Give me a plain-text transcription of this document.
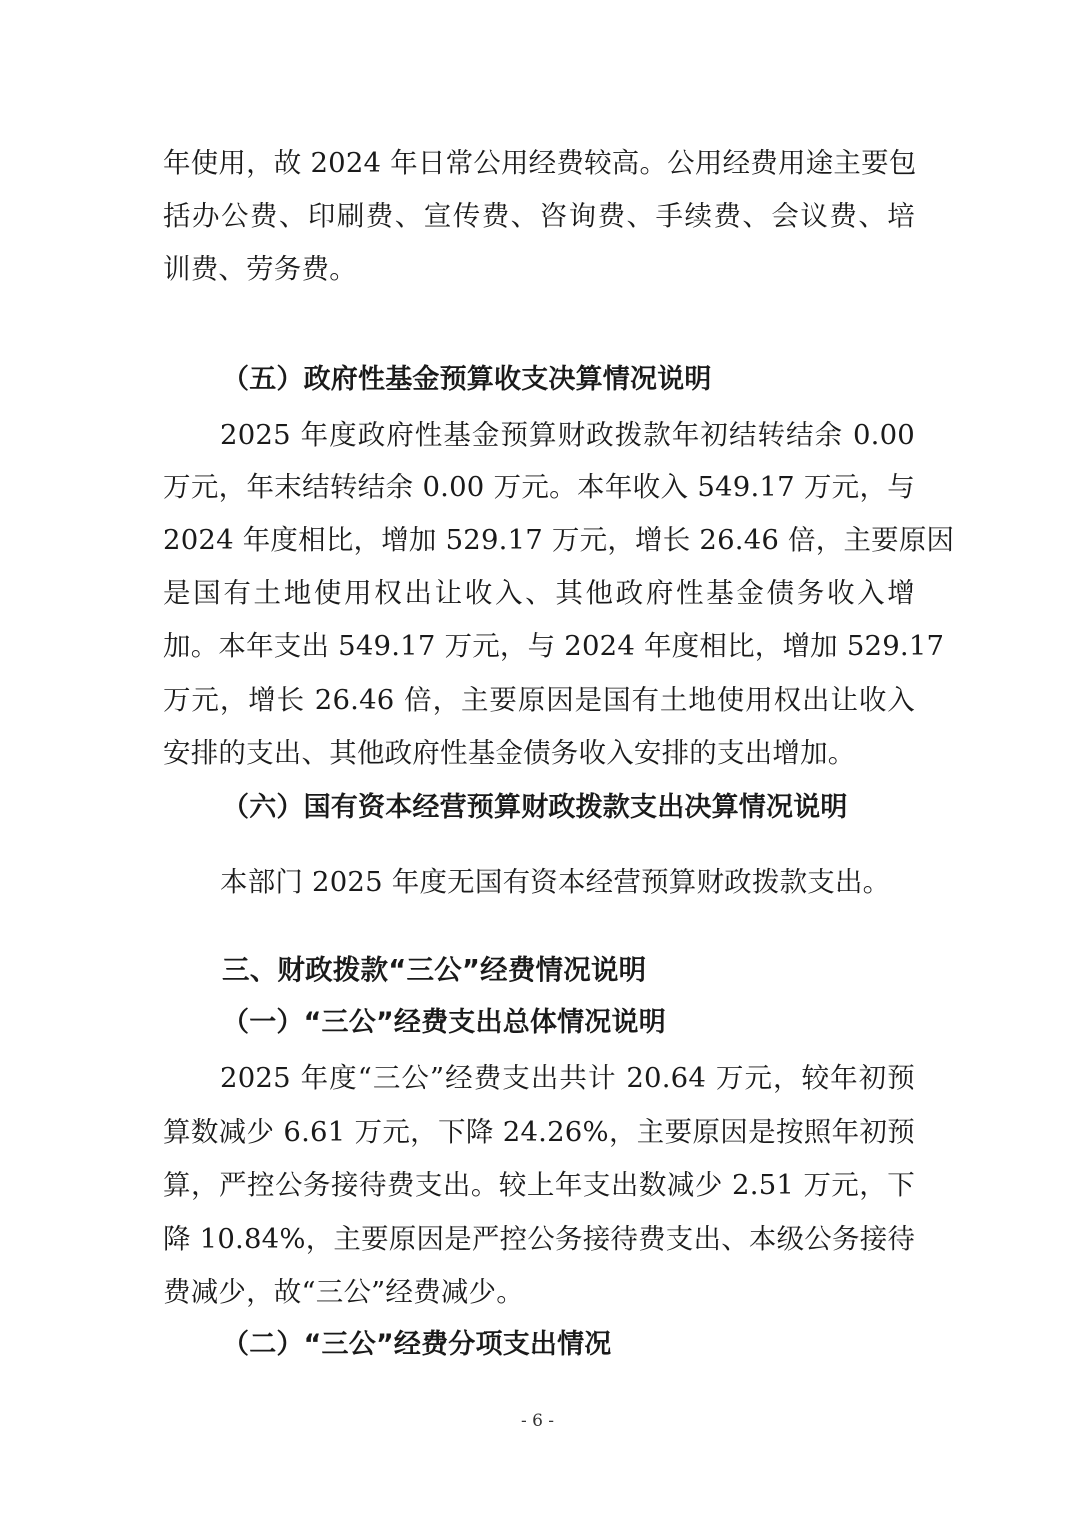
年使用，故 2024 年日常公用经费较高。公用经费用途主要包
括办公费、印刷费、宣传费、咨询费、手续费、会议费、培
训费、劳务费。
（五）政府性基金预算收支决算情况说明
2025 年度政府性基金预算财政拨款年初结转结余 0.00
万元，年末结转结余 0.00 万元。本年收入 549.17 万元，与
2024 年度相比，增加 529.17 万元，增长 26.46 倍，主要原因
是国有土地使用权出让收入、其他政府性基金债务收入增
加。本年支出 549.17 万元，与 2024 年度相比，增加 529.17
万元，增长 26.46 倍，主要原因是国有土地使用权出让收入
安排的支出、其他政府性基金债务收入安排的支出增加。
（六）国有资本经营预算财政拨款支出决算情况说明
本部门 2025 年度无国有资本经营预算财政拨款支出。
三、财政拨款“三公”经费情况说明
（一）“三公”经费支出总体情况说明
2025 年度“三公”经费支出共计 20.64 万元，较年初预
算数减少 6.61 万元，下降 24.26%，主要原因是按照年初预
算，严控公务接待费支出。较上年支出数减少 2.51 万元，下
降 10.84%，主要原因是严控公务接待费支出、本级公务接待
费减少，故“三公”经费减少。
（二）“三公”经费分项支出情况
- 6 -
